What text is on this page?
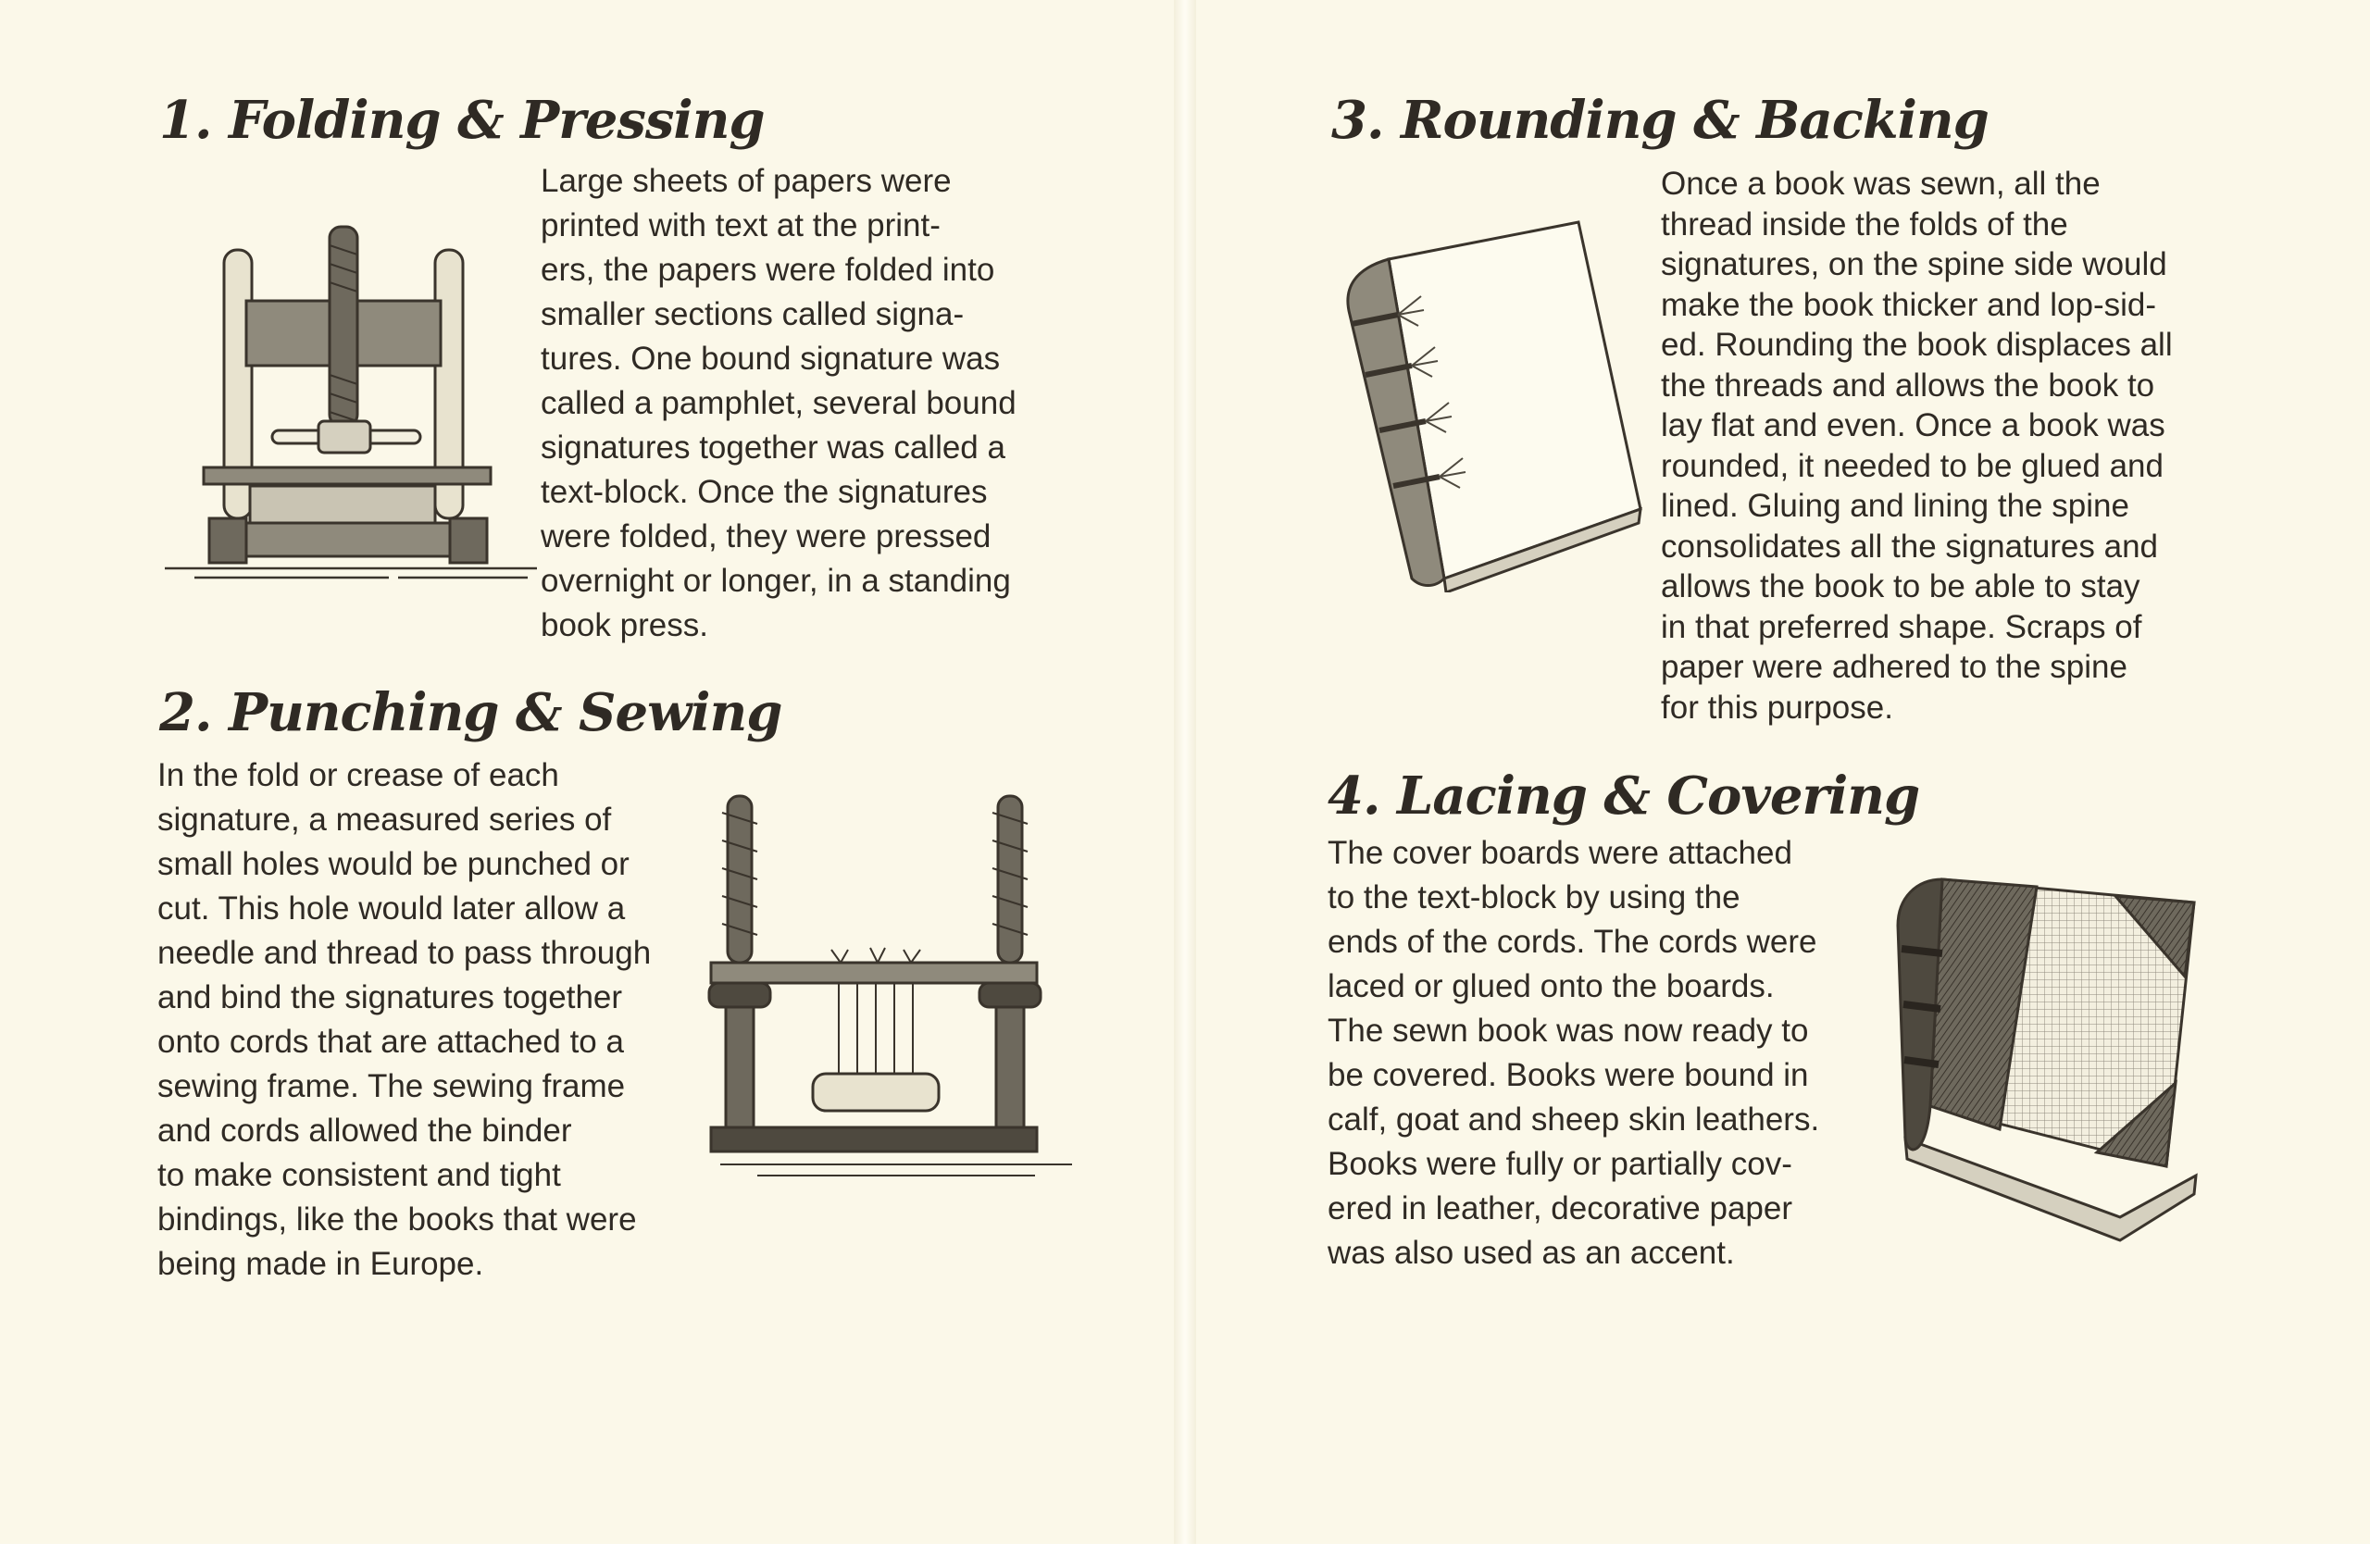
1. Folding & Pressing
Large sheets of papers were
printed with text at the print-
ers, the papers were folded into
smaller sections called signa-
tures. One bound signature was
called a pamphlet, several bound
signatures together was called a
text-block. Once the signatures
were folded, they were pressed
overnight or longer, in a standing
book press.
2. Punching & Sewing
In the fold or crease of each
signature, a measured series of
small holes would be punched or
cut. This hole would later allow a
needle and thread to pass through
and bind the signatures together
onto cords that are attached to a
sewing frame. The sewing frame
and cords allowed the binder
to make consistent and tight
bindings, like the books that were
being made in Europe.
3. Rounding & Backing
Once a book was sewn, all the
thread inside the folds of the
signatures, on the spine side would
make the book thicker and lop-sid-
ed. Rounding the book displaces all
the threads and allows the book to
lay flat and even. Once a book was
rounded, it needed to be glued and
lined. Gluing and lining the spine
consolidates all the signatures and
allows the book to be able to stay
in that preferred shape. Scraps of
paper were adhered to the spine
for this purpose.
4. Lacing & Covering
The cover boards were attached
to the text-block by using the
ends of the cords. The cords were
laced or glued onto the boards.
The sewn book was now ready to
be covered. Books were bound in
calf, goat and sheep skin leathers.
Books were fully or partially cov-
ered in leather, decorative paper
was also used as an accent.
